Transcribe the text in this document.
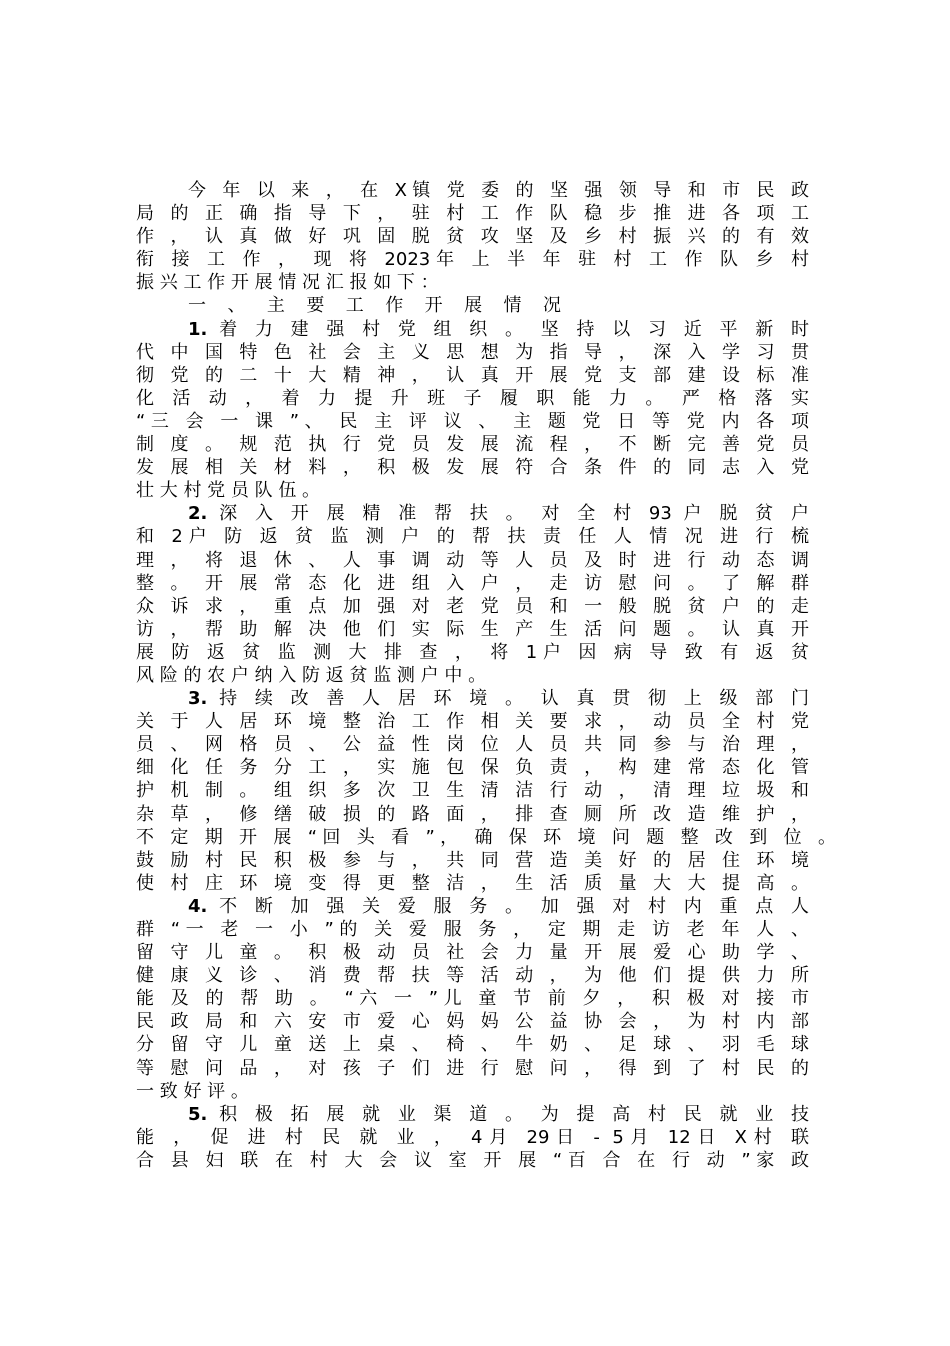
今 年 以 来 ， 在 X镇 党 委 的 坚 强 领 导 和 市 民 政
局 的 正 确 指 导 下 ， 驻 村 工 作 队 稳 步 推 进 各 项 工
作 ， 认 真 做 好 巩 固 脱 贫 攻 坚 及 乡 村 振 兴 的 有 效
衔 接 工 作 ， 现 将 2023年 上 半 年 驻 村 工 作 队 乡 村
振 兴 工 作 开 展 情 况 汇 报 如 下 ：
一 、 主 要 工 作 开 展 情 况
1. 着 力 建 强 村 党 组 织 。 坚 持 以 习 近 平 新 时
代 中 国 特 色 社 会 主 义 思 想 为 指 导 ， 深 入 学 习 贯
彻 党 的 二 十 大 精 神 ， 认 真 开 展 党 支 部 建 设 标 准
化 活 动 ， 着 力 提 升 班 子 履 职 能 力 。 严 格 落 实
“三 会 一 课 ”、 民 主 评 议 、 主 题 党 日 等 党 内 各 项
制 度 。 规 范 执 行 党 员 发 展 流 程 ， 不 断 完 善 党 员
发 展 相 关 材 料 ， 积 极 发 展 符 合 条 件 的 同 志 入 党
壮 大 村 党 员 队 伍 。
2. 深 入 开 展 精 准 帮 扶 。 对 全 村 93 户 脱 贫 户
和 2户 防 返 贫 监 测 户 的 帮 扶 责 任 人 情 况 进 行 梳
理 ， 将 退 休 、 人 事 调 动 等 人 员 及 时 进 行 动 态 调
整 。 开 展 常 态 化 进 组 入 户 ， 走 访 慰 问 。 了 解 群
众 诉 求 ， 重 点 加 强 对 老 党 员 和 一 般 脱 贫 户 的 走
访 ， 帮 助 解 决 他 们 实 际 生 产 生 活 问 题 。 认 真 开
展 防 返 贫 监 测 大 排 查 ， 将 1户 因 病 导 致 有 返 贫
风 险 的 农 户 纳 入 防 返 贫 监 测 户 中 。
3. 持 续 改 善 人 居 环 境 。 认 真 贯 彻 上 级 部 门
关 于 人 居 环 境 整 治 工 作 相 关 要 求 ， 动 员 全 村 党
员 、 网 格 员 、 公 益 性 岗 位 人 员 共 同 参 与 治 理 ，
细 化 任 务 分 工 ， 实 施 包 保 负 责 ， 构 建 常 态 化 管
护 机 制 。 组 织 多 次 卫 生 清 洁 行 动 ， 清 理 垃 圾 和
杂 草 ， 修 缮 破 损 的 路 面 ， 排 查 厕 所 改 造 维 护 ，
不 定 期 开 展 “回 头 看 ”， 确 保 环 境 问 题 整 改 到 位 。
鼓 励 村 民 积 极 参 与 ， 共 同 营 造 美 好 的 居 住 环 境
使 村 庄 环 境 变 得 更 整 洁 ， 生 活 质 量 大 大 提 高 。
4. 不 断 加 强 关 爱 服 务 。 加 强 对 村 内 重 点 人
群 “一 老 一 小 ”的 关 爱 服 务 ， 定 期 走 访 老 年 人 、
留 守 儿 童 。 积 极 动 员 社 会 力 量 开 展 爱 心 助 学 、
健 康 义 诊 、 消 费 帮 扶 等 活 动 ， 为 他 们 提 供 力 所
能 及 的 帮 助 。 “六 一 ”儿 童 节 前 夕 ， 积 极 对 接 市
民 政 局 和 六 安 市 爱 心 妈 妈 公 益 协 会 ， 为 村 内 部
分 留 守 儿 童 送 上 桌 、 椅 、 牛 奶 、 足 球 、 羽 毛 球
等 慰 问 品 ， 对 孩 子 们 进 行 慰 问 ， 得 到 了 村 民 的
一 致 好 评 。
5. 积 极 拓 展 就 业 渠 道 。 为 提 高 村 民 就 业 技
能 ， 促 进 村 民 就 业 ， 4月 29日 - 5月 12日 X村 联
合 县 妇 联 在 村 大 会 议 室 开 展 “百 合 在 行 动 ”家 政
